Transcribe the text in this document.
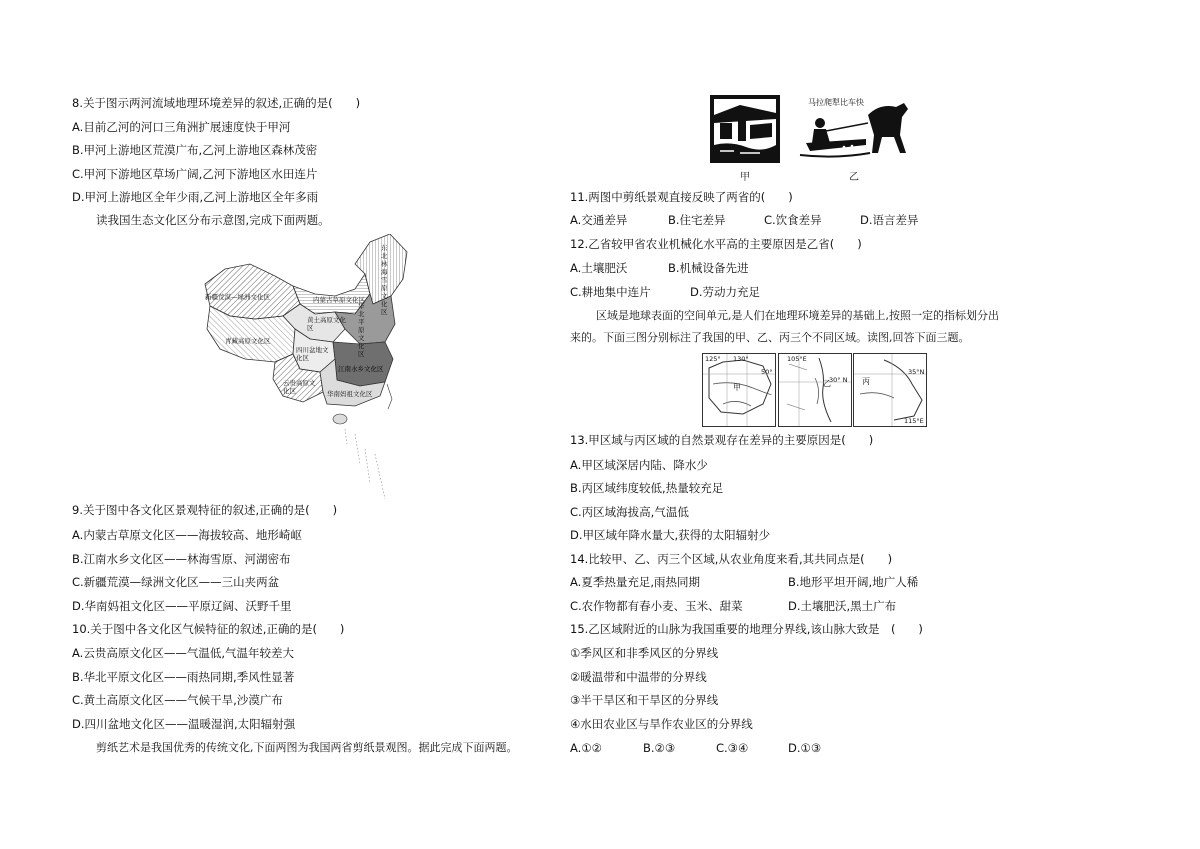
8.关于图示两河流域地理环境差异的叙述,正确的是(　　)
A.目前乙河的河口三角洲扩展速度快于甲河
B.甲河上游地区荒漠广布,乙河上游地区森林茂密
C.甲河下游地区草场广阔,乙河下游地区水田连片
D.甲河上游地区全年少雨,乙河上游地区全年多雨
读我国生态文化区分布示意图,完成下面两题。
新疆荒漠—绿洲文化区
青藏高原文化区
内蒙古草原文化区
东北林海雪原文化区
黄土高原文化区
华北平原文化区
四川盆地文化区
江南水乡文化区
云贵高原文化区	华南妈祖文化区
9.关于图中各文化区景观特征的叙述,正确的是(　　)
A.内蒙古草原文化区——海拔较高、地形崎岖
B.江南水乡文化区——林海雪原、河湖密布
C.新疆荒漠—绿洲文化区——三山夹两盆
D.华南妈祖文化区——平原辽阔、沃野千里
10.关于图中各文化区气候特征的叙述,正确的是(　　)
A.云贵高原文化区——气温低,气温年较差大
B.华北平原文化区——雨热同期,季风性显著
C.黄土高原文化区——气候干旱,沙漠广布
D.四川盆地文化区——温暖湿润,太阳辐射强
剪纸艺术是我国优秀的传统文化,下面两图为我国两省剪纸景观图。据此完成下面两题。
甲
马拉爬犁比车快
乙
11.两图中剪纸景观直接反映了两省的(　　)
A.交通差异	B.住宅差异	C.饮食差异	D.语言差异
12.乙省较甲省农业机械化水平高的主要原因是乙省(　　)
A.土壤肥沃	B.机械设备先进
C.耕地集中连片	D.劳动力充足
区域是地球表面的空间单元,是人们在地理环境差异的基础上,按照一定的指标划分出
来的。下面三图分别标注了我国的甲、乙、丙三个不同区域。读图,回答下面三题。
125° 130°
50°
甲
105°E
30° N
乙
35°N
115°E
丙
13.甲区域与丙区域的自然景观存在差异的主要原因是(　　)
A.甲区域深居内陆、降水少
B.丙区域纬度较低,热量较充足
C.丙区域海拔高,气温低
D.甲区域年降水量大,获得的太阳辐射少
14.比较甲、乙、丙三个区域,从农业角度来看,其共同点是(　　)
A.夏季热量充足,雨热同期	B.地形平坦开阔,地广人稀
C.农作物都有春小麦、玉米、甜菜	D.土壤肥沃,黑土广布
15.乙区域附近的山脉为我国重要的地理分界线,该山脉大致是　(　　)
①季风区和非季风区的分界线
②暖温带和中温带的分界线
③半干旱区和干旱区的分界线
④水田农业区与旱作农业区的分界线
A.①②	B.②③	C.③④	D.①③
